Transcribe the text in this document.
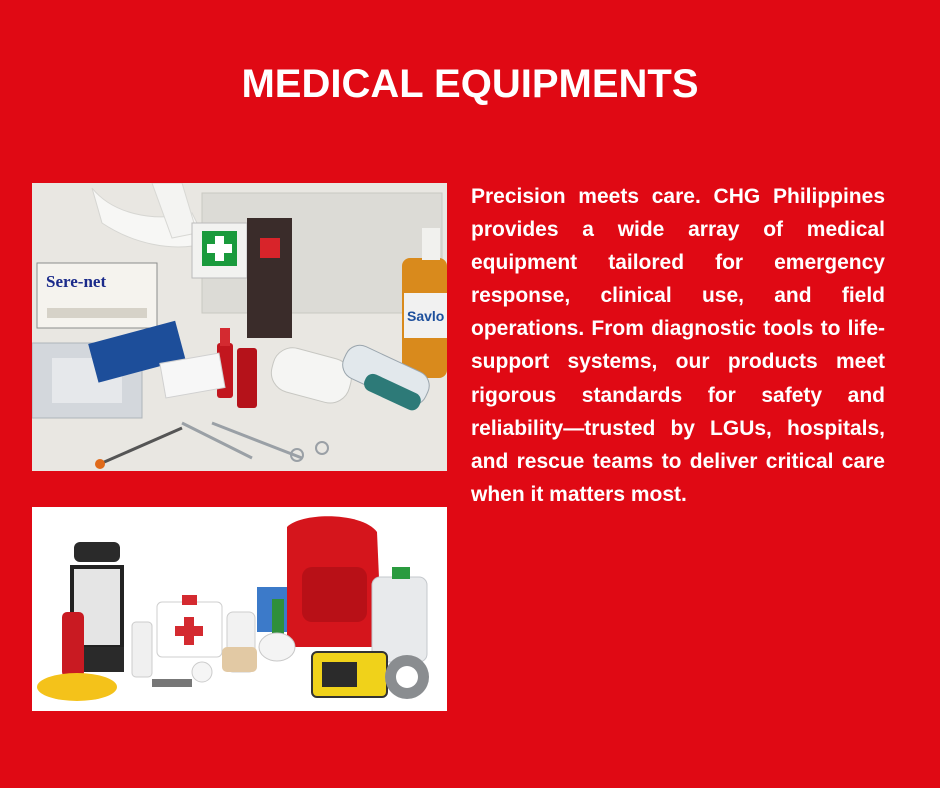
MEDICAL EQUIPMENTS
Sere-net
Savlo
Precision meets care. CHG Philippines provides a wide array of medical equipment tailored for emergency response, clinical use, and field operations. From diagnostic tools to life-support systems, our products meet rigorous standards for safety and reliability—trusted by LGUs, hospitals, and rescue teams to deliver critical care when it matters most.
